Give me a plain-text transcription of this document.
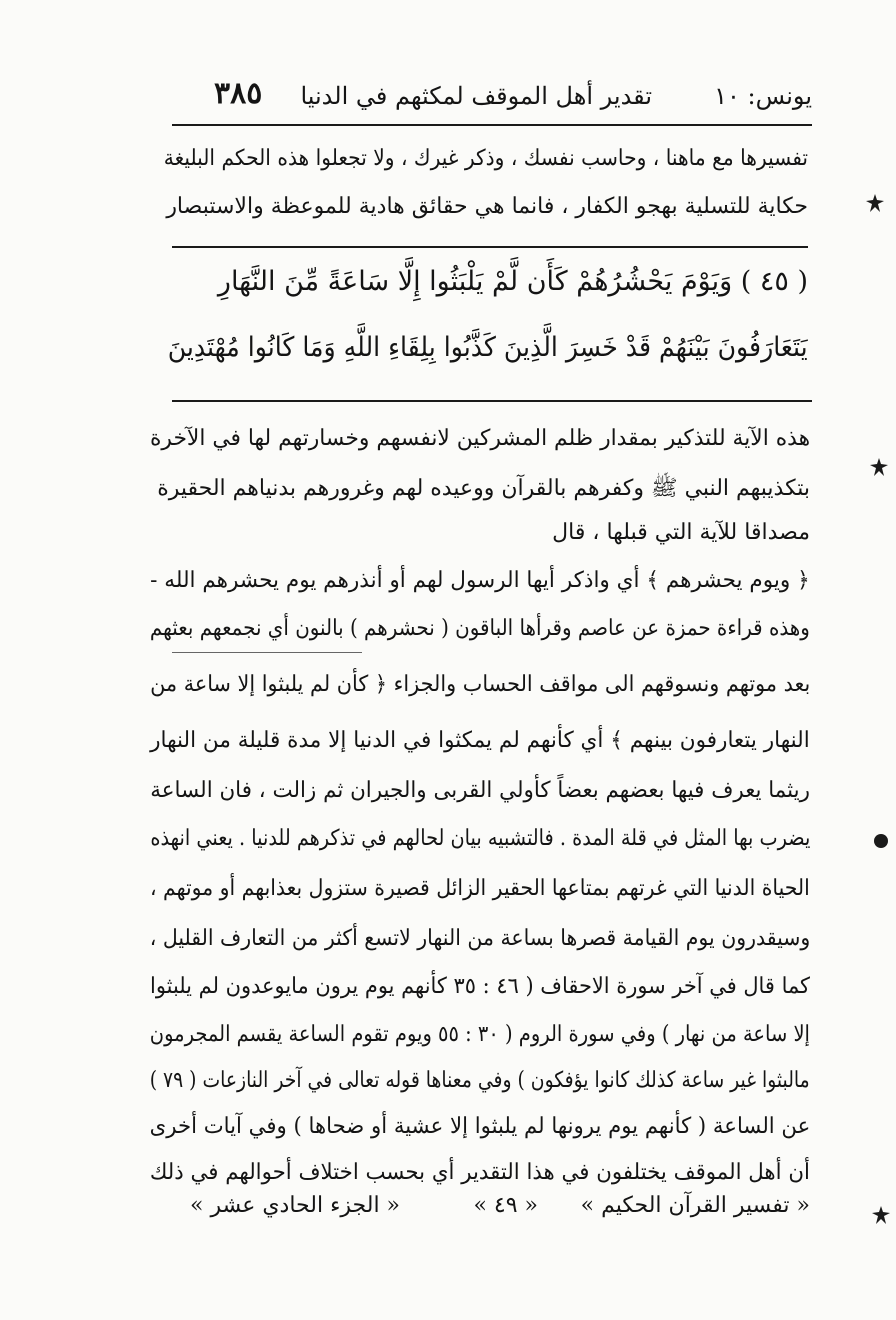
يونس: ١٠
تقدير أهل الموقف لمكثهم في الدنيا
٣٨٥
تفسيرها مع ماهنا ، وحاسب نفسك ، وذكر غيرك ، ولا تجعلوا هذه الحكم البليغة
حكاية للتسلية بهجو الكفار ، فانما هي حقائق هادية للموعظة والاستبصار
( ٤٥ ) وَيَوْمَ يَحْشُرُهُمْ كَأَن لَّمْ يَلْبَثُوا إِلَّا سَاعَةً مِّنَ النَّهَارِ
يَتَعَارَفُونَ بَيْنَهُمْ قَدْ خَسِرَ الَّذِينَ كَذَّبُوا بِلِقَاءِ اللَّهِ وَمَا كَانُوا مُهْتَدِينَ
هذه الآية للتذكير بمقدار ظلم المشركين لانفسهم وخسارتهم لها في الآخرة
بتكذيبهم النبي ﷺ وكفرهم بالقرآن ووعيده لهم وغرورهم بدنياهم الحقيرة
مصداقا للآية التي قبلها ، قال
﴿ ويوم يحشرهم ﴾ أي واذكر أيها الرسول لهم أو أنذرهم يوم يحشرهم الله -
وهذه قراءة حمزة عن عاصم وقرأها الباقون ( نحشرهم ) بالنون أي نجمعهم بعثهم
بعد موتهم ونسوقهم الى مواقف الحساب والجزاء ﴿ كأن لم يلبثوا إلا ساعة من
النهار يتعارفون بينهم ﴾ أي كأنهم لم يمكثوا في الدنيا إلا مدة قليلة من النهار
ريثما يعرف فيها بعضهم بعضاً كأولي القربى والجيران ثم زالت ، فان الساعة
يضرب بها المثل في قلة المدة . فالتشبيه بيان لحالهم في تذكرهم للدنيا . يعني انهذه
الحياة الدنيا التي غرتهم بمتاعها الحقير الزائل قصيرة ستزول بعذابهم أو موتهم ،
وسيقدرون يوم القيامة قصرها بساعة من النهار لاتسع أكثر من التعارف القليل ،
كما قال في آخر سورة الاحقاف ( ٤٦ : ٣٥ كأنهم يوم يرون مايوعدون لم يلبثوا
إلا ساعة من نهار ) وفي سورة الروم ( ٣٠ : ٥٥ ويوم تقوم الساعة يقسم المجرمون
مالبثوا غير ساعة كذلك كانوا يؤفكون ) وفي معناها قوله تعالى في آخر النازعات ( ٧٩ )
عن الساعة ( كأنهم يوم يرونها لم يلبثوا إلا عشية أو ضحاها ) وفي آيات أخرى
أن أهل الموقف يختلفون في هذا التقدير أي بحسب اختلاف أحوالهم في ذلك
« تفسير القرآن الحكيم »
« ٤٩ »
« الجزء الحادي عشر »
